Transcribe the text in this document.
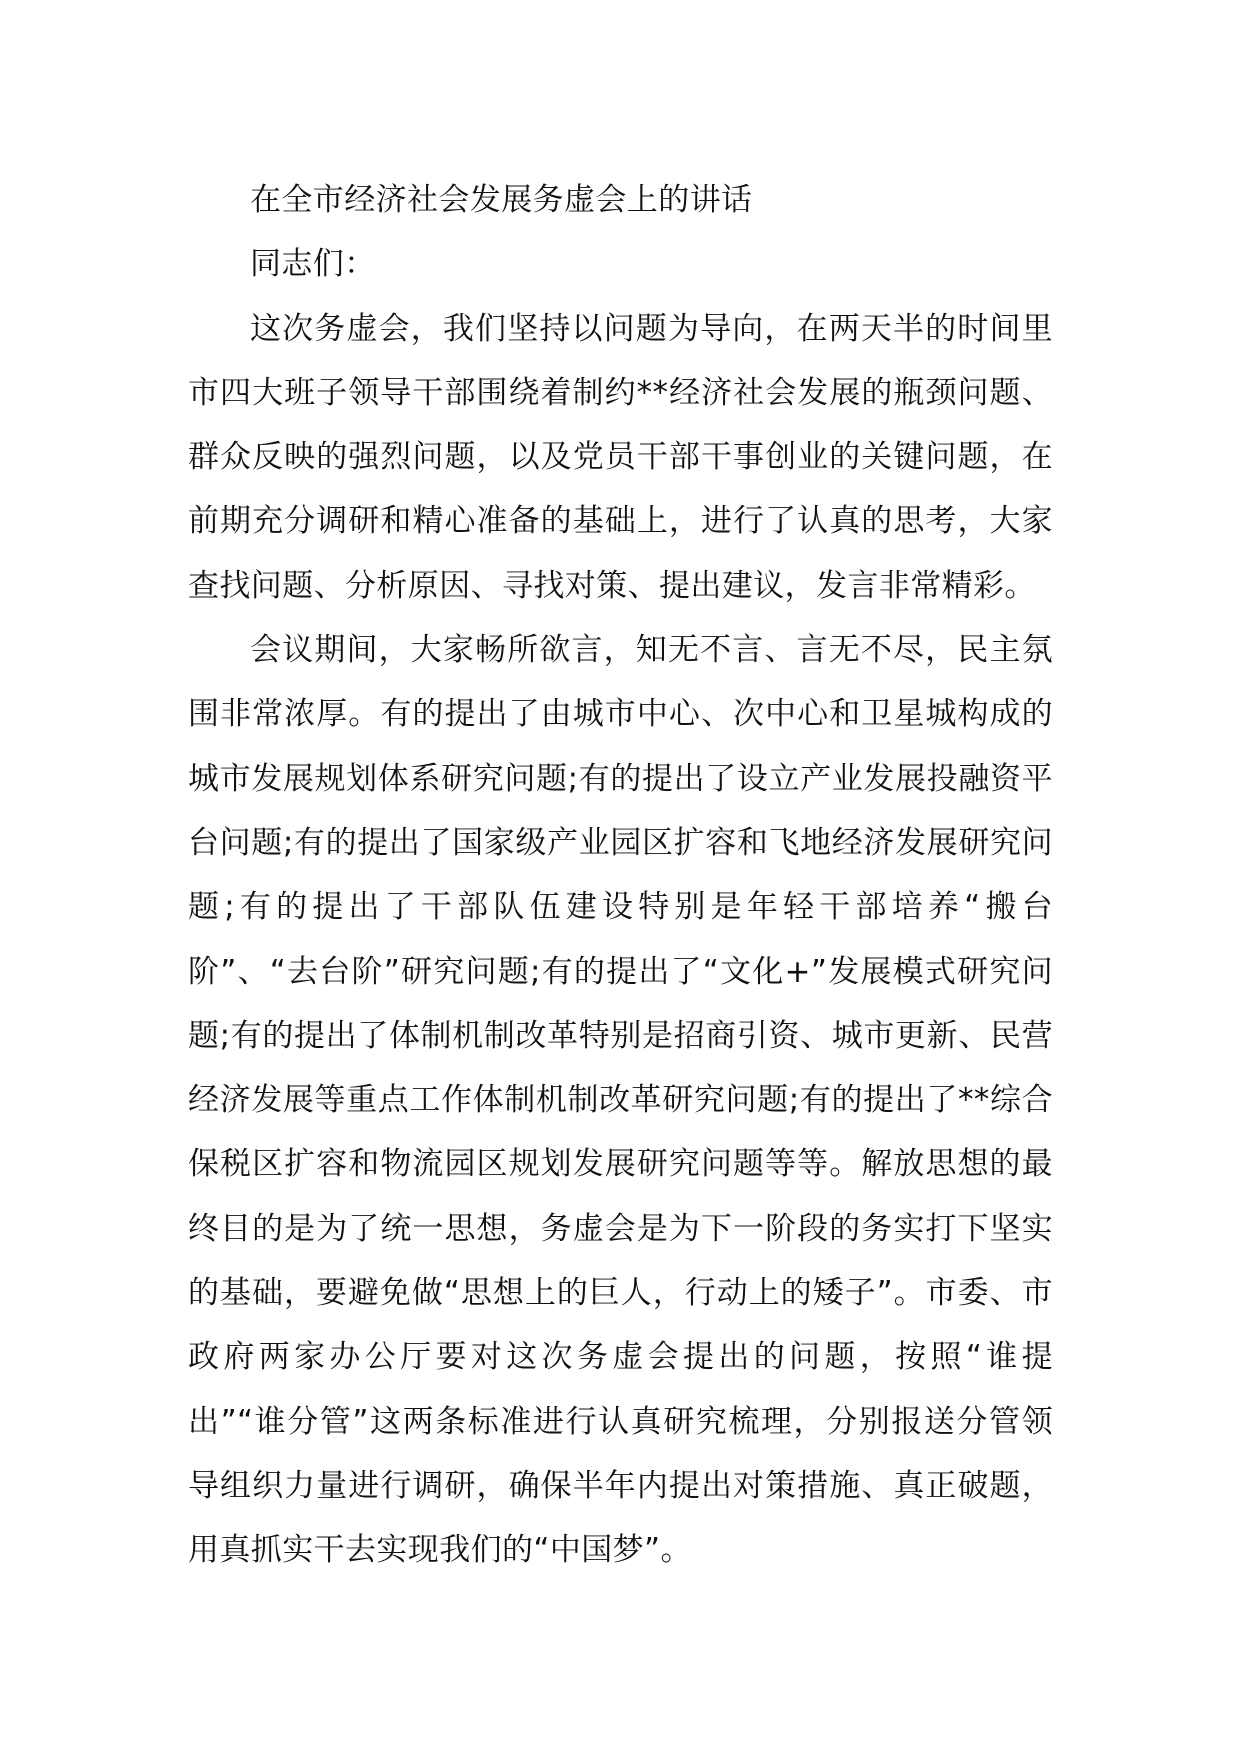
在全市经济社会发展务虚会上的讲话

同志们：

这次务虚会，我们坚持以问题为导向，在两天半的时间里市四大班子领导干部围绕着制约**经济社会发展的瓶颈问题、群众反映的强烈问题，以及党员干部干事创业的关键问题，在前期充分调研和精心准备的基础上，进行了认真的思考，大家查找问题、分析原因、寻找对策、提出建议，发言非常精彩。

会议期间，大家畅所欲言，知无不言、言无不尽，民主氛围非常浓厚。有的提出了由城市中心、次中心和卫星城构成的城市发展规划体系研究问题;有的提出了设立产业发展投融资平台问题;有的提出了国家级产业园区扩容和飞地经济发展研究问题;有的提出了干部队伍建设特别是年轻干部培养“搬台阶”、“去台阶”研究问题;有的提出了“文化+”发展模式研究问题;有的提出了体制机制改革特别是招商引资、城市更新、民营经济发展等重点工作体制机制改革研究问题;有的提出了**综合保税区扩容和物流园区规划发展研究问题等等。解放思想的最终目的是为了统一思想，务虚会是为下一阶段的务实打下坚实的基础，要避免做“思想上的巨人，行动上的矮子”。市委、市政府两家办公厅要对这次务虚会提出的问题，按照“谁提出”“谁分管”这两条标准进行认真研究梳理，分别报送分管领导组织力量进行调研，确保半年内提出对策措施、真正破题，用真抓实干去实现我们的“中国梦”。
